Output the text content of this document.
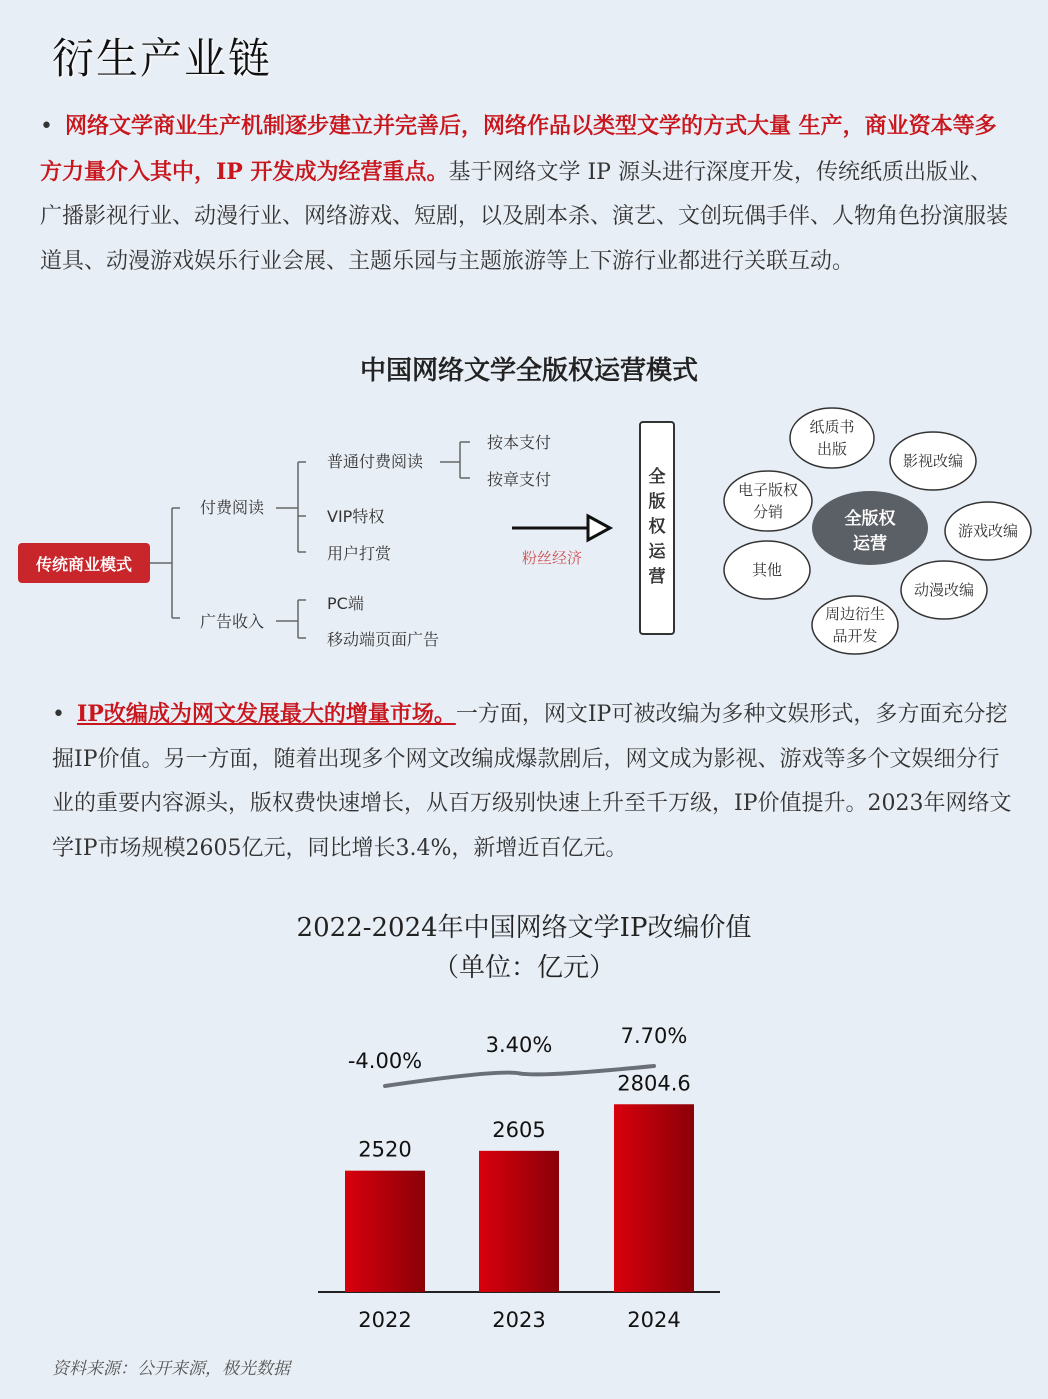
衍生产业链
• 网络文学商业生产机制逐步建立并完善后，网络作品以类型文学的方式大量 生产，商业资本等多方力量介入其中，IP 开发成为经营重点。基于网络文学 IP 源头进行深度开发，传统纸质出版业、广播影视行业、动漫行业、网络游戏、短剧，以及剧本杀、演艺、文创玩偶手伴、人物角色扮演服装道具、动漫游戏娱乐行业会展、主题乐园与主题旅游等上下游行业都进行关联互动。
中国网络文学全版权运营模式
传统商业模式
付费阅读
普通付费阅读
VIP特权
用户打赏
按本支付
按章支付
广告收入
PC端
移动端页面广告
粉丝经济
全版权运营
纸质书
出版
影视改编
电子版权
分销
游戏改编
其他
动漫改编
周边衍生
品开发
全版权
运营
• IP改编成为网文发展最大的增量市场。一方面，网文IP可被改编为多种文娱形式，多方面充分挖掘IP价值。另一方面，随着出现多个网文改编成爆款剧后，网文成为影视、游戏等多个文娱细分行业的重要内容源头，版权费快速增长，从百万级别快速上升至千万级，IP价值提升。2023年网络文学IP市场规模2605亿元，同比增长3.4%，新增近百亿元。
2022-2024年中国网络文学IP改编价值
（单位：亿元）
2520
2022
2605
2023
2804.6
2024
-4.00%
3.40%	7.70%
资料来源：公开来源，极光数据
